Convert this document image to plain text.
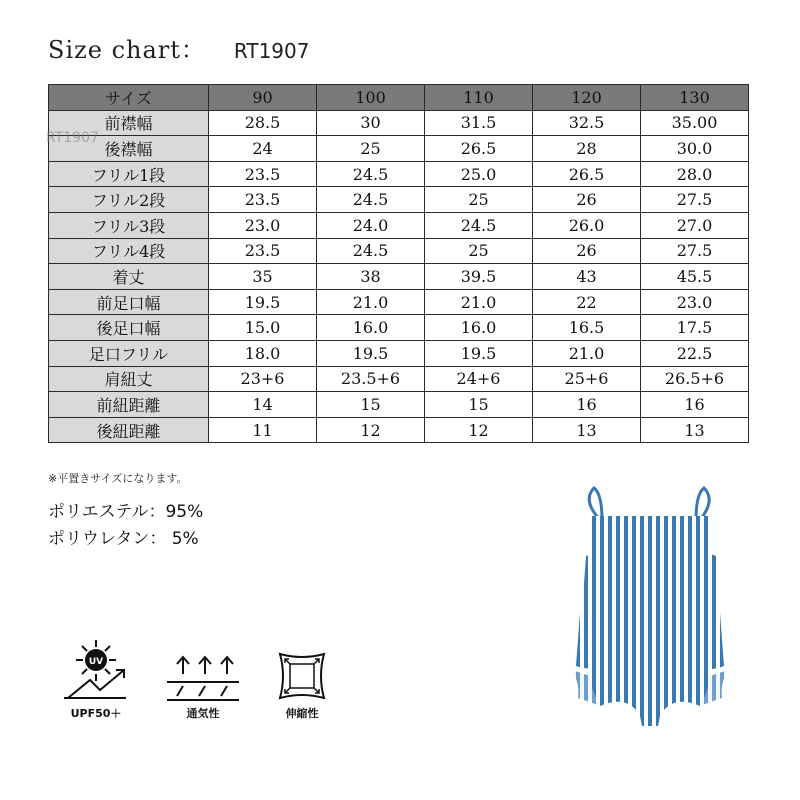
Size chart： RT1907
サイズ	90	100	110	120	130
前襟幅	28.5	30	31.5	32.5	35.00
後襟幅	24	25	26.5	28	30.0
フリル1段	23.5	24.5	25.0	26.5	28.0
フリル2段	23.5	24.5	25	26	27.5
フリル3段	23.0	24.0	24.5	26.0	27.0
フリル4段	23.5	24.5	25	26	27.5
着丈	35	38	39.5	43	45.5
前足口幅	19.5	21.0	21.0	22	23.0
後足口幅	15.0	16.0	16.0	16.5	17.5
足口フリル	18.0	19.5	19.5	21.0	22.5
肩紐丈	23+6	23.5+6	24+6	25+6	26.5+6
前紐距離	14	15	15	16	16
後紐距離	11	12	12	13	13
RT1907
※平置きサイズになります。
ポリエステル：95%
ポリウレタン： 5%
UV
UPF50＋	通気性	伸縮性
